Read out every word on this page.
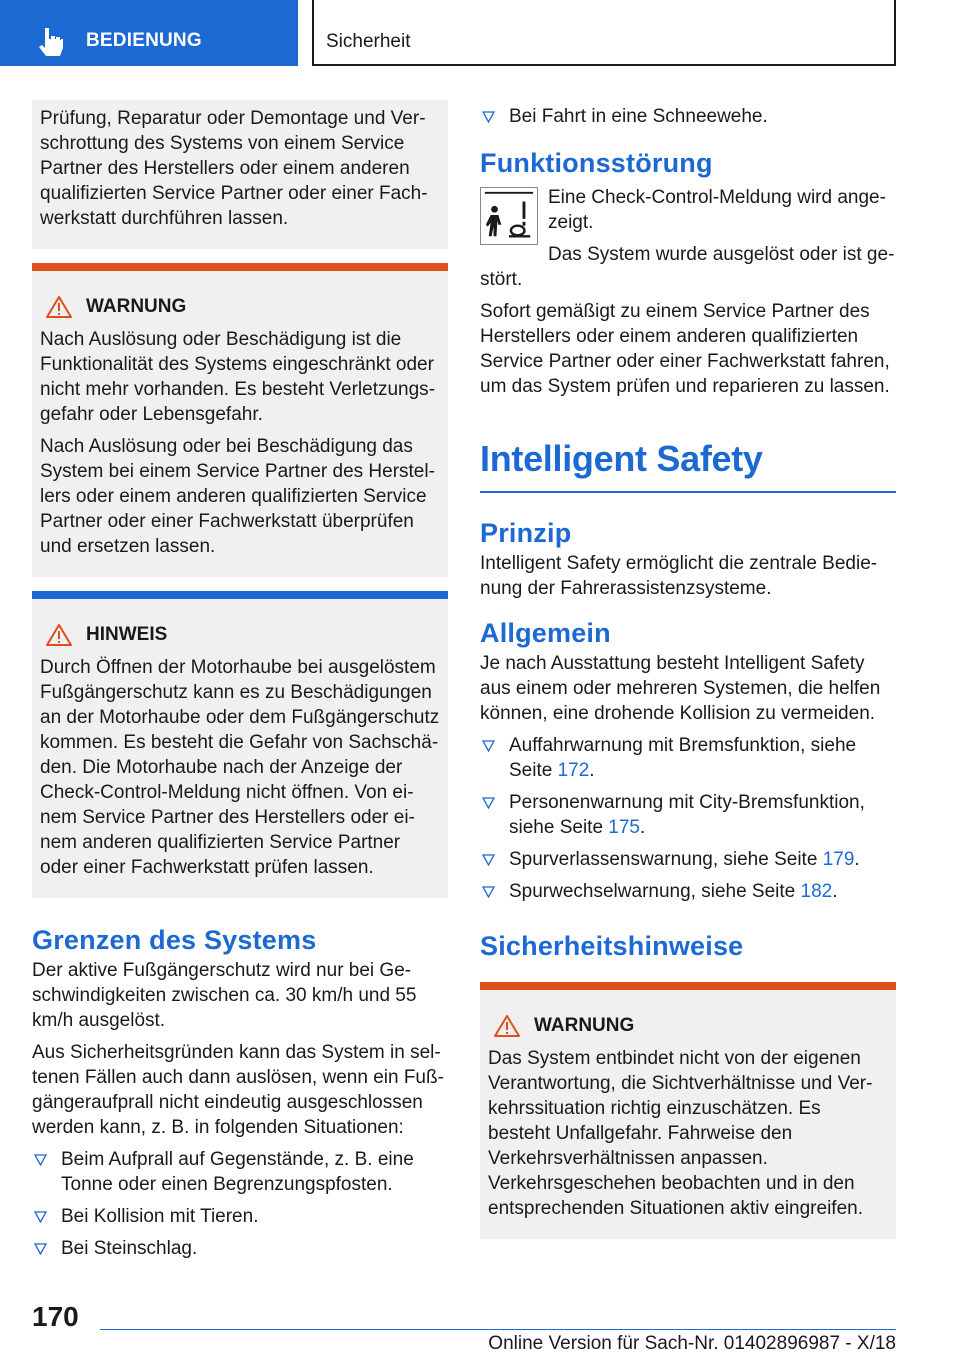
BEDIENUNG	Sicherheit

Prüfung, Reparatur oder Demontage und Verschrottung des Systems von einem Service Partner des Herstellers oder einem anderen qualifizierten Service Partner oder einer Fachwerkstatt durchführen lassen.

WARNUNG

Nach Auslösung oder Beschädigung ist die Funktionalität des Systems eingeschränkt oder nicht mehr vorhanden. Es besteht Verletzungsgefahr oder Lebensgefahr.

Nach Auslösung oder bei Beschädigung das System bei einem Service Partner des Herstellers oder einem anderen qualifizierten Service Partner oder einer Fachwerkstatt überprüfen und ersetzen lassen.

HINWEIS

Durch Öffnen der Motorhaube bei ausgelöstem Fußgängerschutz kann es zu Beschädigungen an der Motorhaube oder dem Fußgängerschutz kommen. Es besteht die Gefahr von Sachschäden. Die Motorhaube nach der Anzeige der Check-Control-Meldung nicht öffnen. Von einem Service Partner des Herstellers oder einem anderen qualifizierten Service Partner oder einer Fachwerkstatt prüfen lassen.

Grenzen des Systems

Der aktive Fußgängerschutz wird nur bei Geschwindigkeiten zwischen ca. 30 km/h und 55 km/h ausgelöst.

Aus Sicherheitsgründen kann das System in seltenen Fällen auch dann auslösen, wenn ein Fußgängeraufprall nicht eindeutig ausgeschlossen werden kann, z. B. in folgenden Situationen:

Beim Aufprall auf Gegenstände, z. B. eine Tonne oder einen Begrenzungspfosten.
Bei Kollision mit Tieren.
Bei Steinschlag.
Bei Fahrt in eine Schneewehe.
Funktionsstörung

Eine Check-Control-Meldung wird angezeigt.

Das System wurde ausgelöst oder ist gestört.

Sofort gemäßigt zu einem Service Partner des Herstellers oder einem anderen qualifizierten Service Partner oder einer Fachwerkstatt fahren, um das System prüfen und reparieren zu lassen.

Intelligent Safety
Prinzip

Intelligent Safety ermöglicht die zentrale Bedienung der Fahrerassistenzsysteme.

Allgemein

Je nach Ausstattung besteht Intelligent Safety aus einem oder mehreren Systemen, die helfen können, eine drohende Kollision zu vermeiden.

Auffahrwarnung mit Bremsfunktion, siehe Seite 172.
Personenwarnung mit City-Bremsfunktion, siehe Seite 175.
Spurverlassenswarnung, siehe Seite 179.
Spurwechselwarnung, siehe Seite 182.
Sicherheitshinweise
WARNUNG

Das System entbindet nicht von der eigenen Verantwortung, die Sichtverhältnisse und Verkehrssituation richtig einzuschätzen. Es besteht Unfallgefahr. Fahrweise den Verkehrsverhältnissen anpassen. Verkehrsgeschehen beobachten und in den entsprechenden Situationen aktiv eingreifen.

170
Online Version für Sach-Nr. 01402896987 - X/18
